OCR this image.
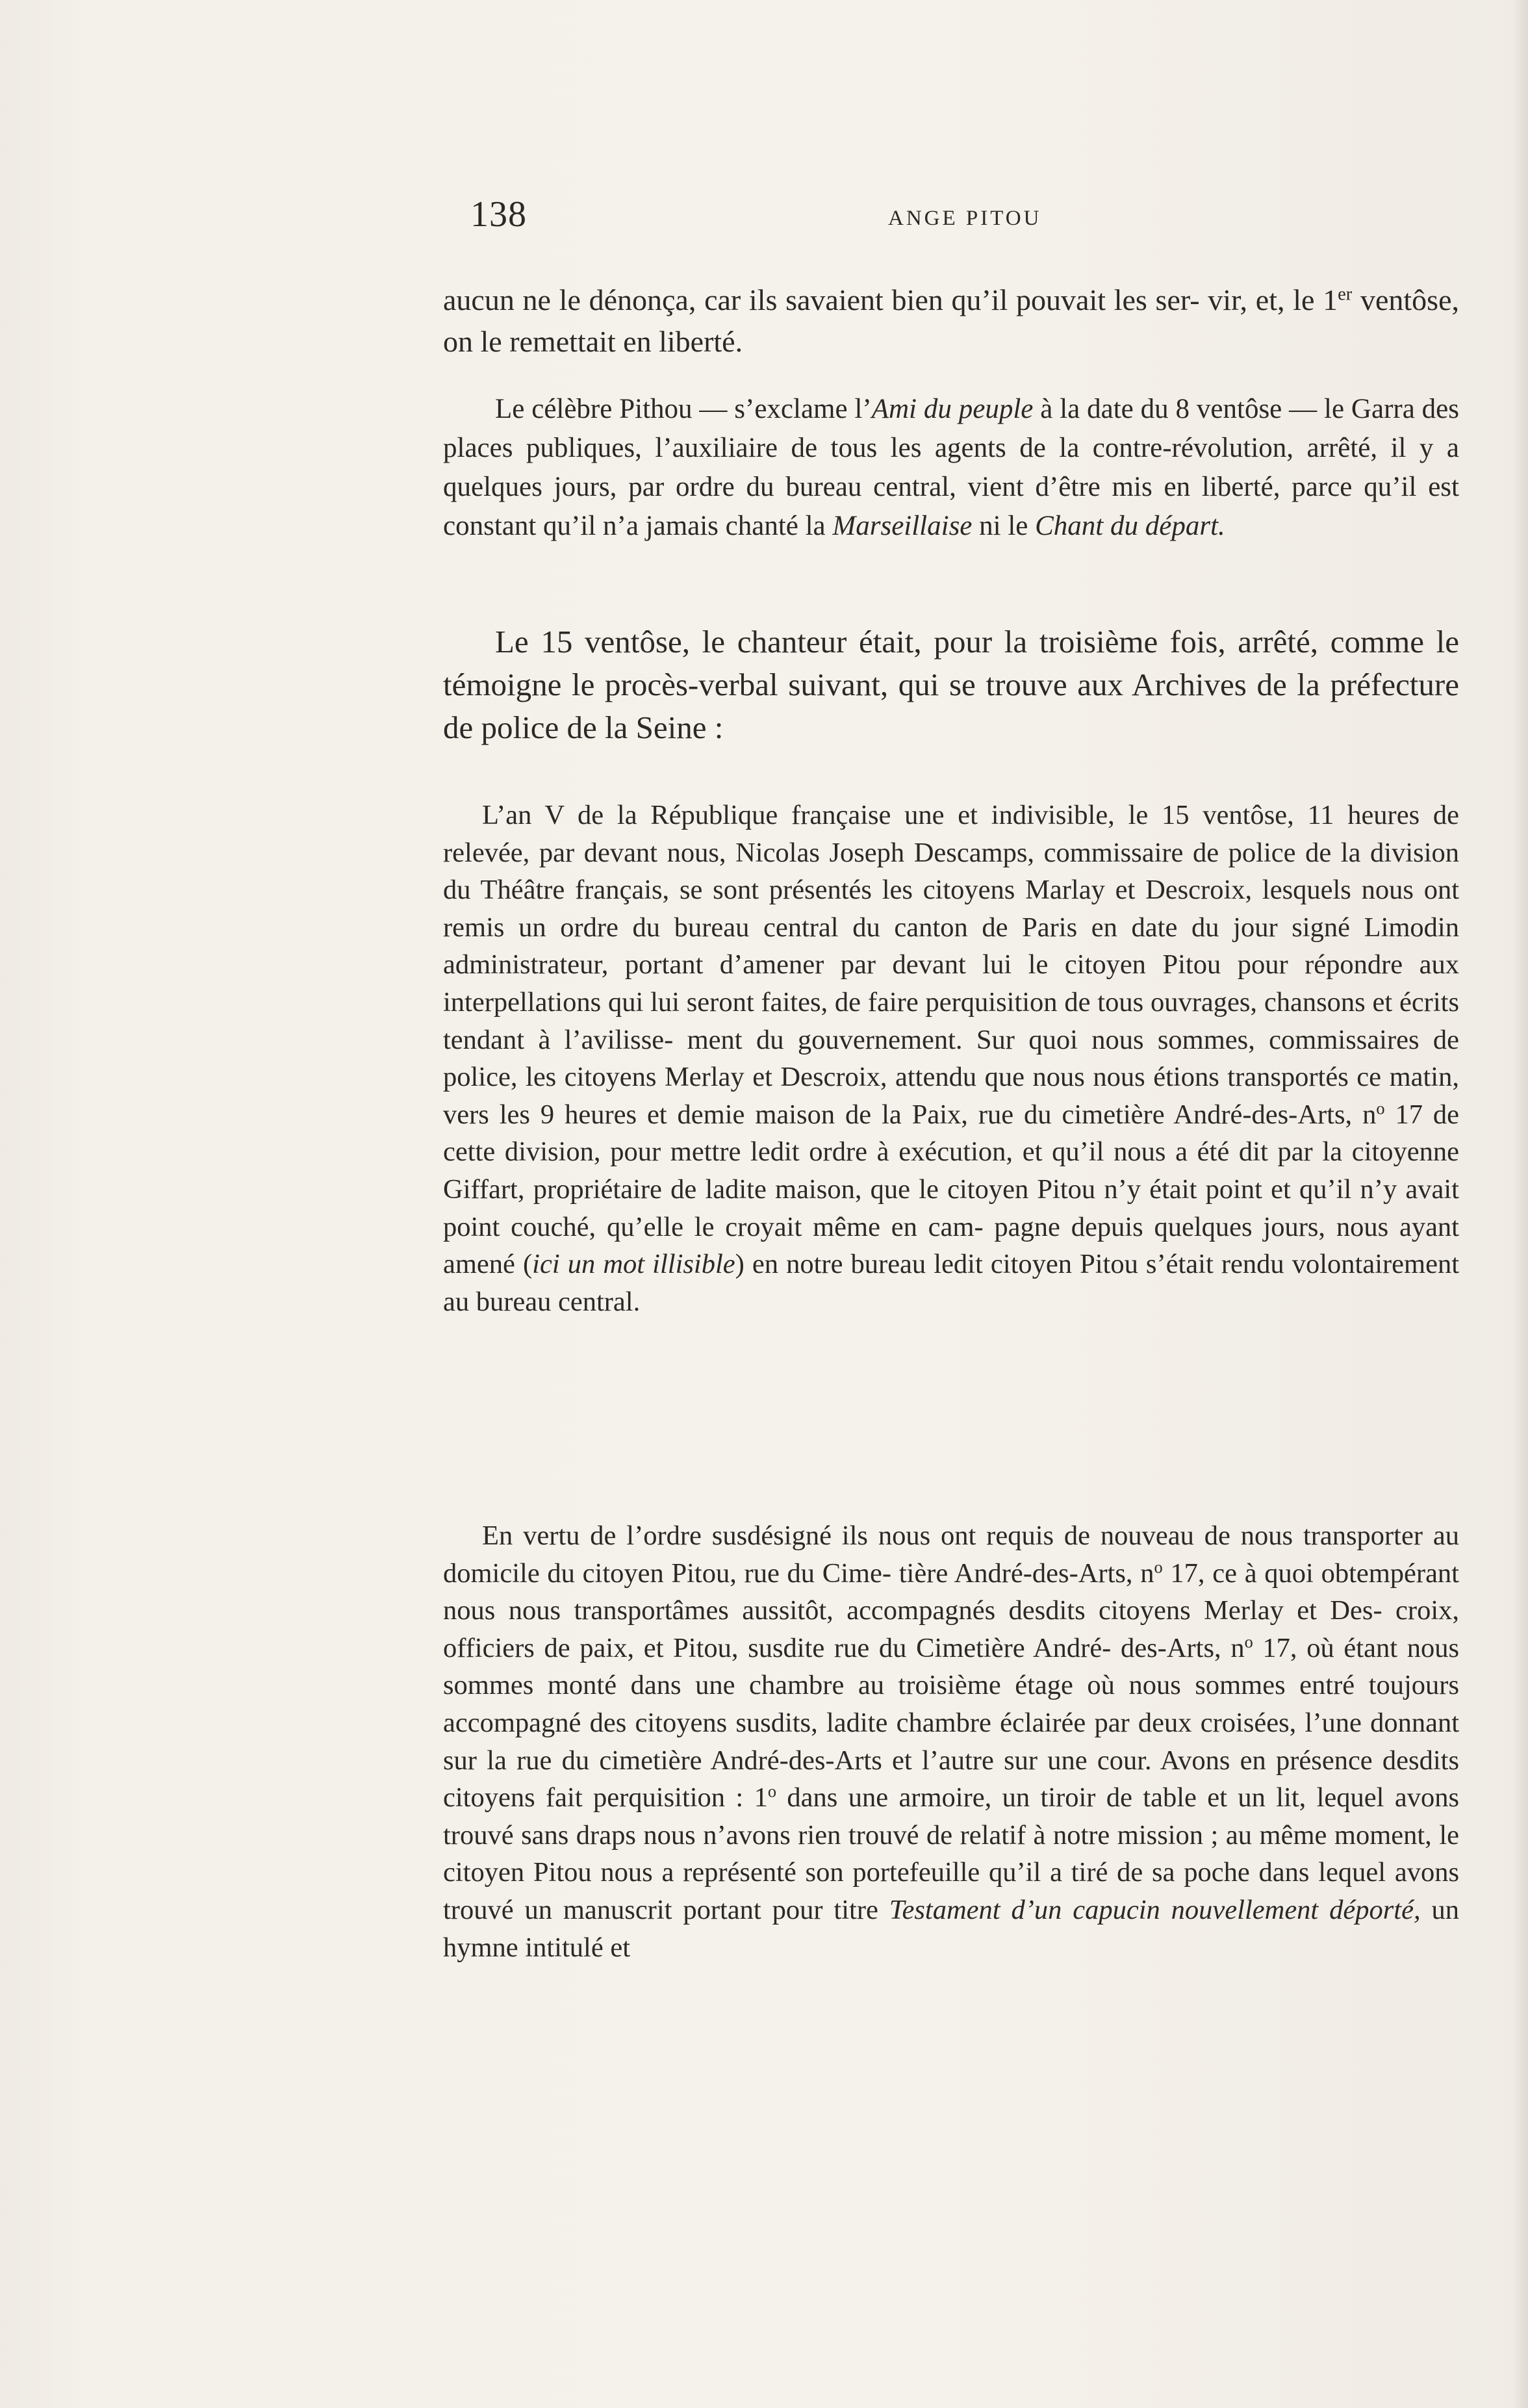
138	ANGE PITOU

aucun ne le dénonça, car ils savaient bien qu’il pouvait les ser- vir, et, le 1er ventôse, on le remettait en liberté.

Le célèbre Pithou — s’exclame l’Ami du peuple à la date du 8 ventôse — le Garra des places publiques, l’auxiliaire de tous les agents de la contre-révolution, arrêté, il y a quelques jours, par ordre du bureau central, vient d’être mis en liberté, parce qu’il est constant qu’il n’a jamais chanté la Marseillaise ni le Chant du départ.

Le 15 ventôse, le chanteur était, pour la troisième fois, arrêté, comme le témoigne le procès-verbal suivant, qui se trouve aux Archives de la préfecture de police de la Seine :

L’an V de la République française une et indivisible, le 15 ventôse, 11 heures de relevée, par devant nous, Nicolas Joseph Descamps, commissaire de police de la division du Théâtre français, se sont présentés les citoyens Marlay et Descroix, lesquels nous ont remis un ordre du bureau central du canton de Paris en date du jour signé Limodin administrateur, portant d’amener par devant lui le citoyen Pitou pour répondre aux interpellations qui lui seront faites, de faire perquisition de tous ouvrages, chansons et écrits tendant à l’avilisse- ment du gouvernement. Sur quoi nous sommes, commissaires de police, les citoyens Merlay et Descroix, attendu que nous nous étions transportés ce matin, vers les 9 heures et demie maison de la Paix, rue du cimetière André-des-Arts, $n^o$ 17 de cette division, pour mettre ledit ordre à exécution, et qu’il nous a été dit par la citoyenne Giffart, propriétaire de ladite maison, que le citoyen Pitou n’y était point et qu’il n’y avait point couché, qu’elle le croyait même en cam- pagne depuis quelques jours, nous ayant amené (ici un mot illisible) en notre bureau ledit citoyen Pitou s’était rendu volontairement au bureau central.

En vertu de l’ordre susdésigné ils nous ont requis de nouveau de nous transporter au domicile du citoyen Pitou, rue du Cime- tière André-des-Arts, $n^o$ 17, ce à quoi obtempérant nous nous transportâmes aussitôt, accompagnés desdits citoyens Merlay et Des- croix, officiers de paix, et Pitou, susdite rue du Cimetière André- des-Arts, $n^o$ 17, où étant nous sommes monté dans une chambre au troisième étage où nous sommes entré toujours accompagné des citoyens susdits, ladite chambre éclairée par deux croisées, l’une donnant sur la rue du cimetière André-des-Arts et l’autre sur une cour. Avons en présence desdits citoyens fait perquisition : 1$^o$ dans une armoire, un tiroir de table et un lit, lequel avons trouvé sans draps nous n’avons rien trouvé de relatif à notre mission ; au même moment, le citoyen Pitou nous a représenté son portefeuille qu’il a tiré de sa poche dans lequel avons trouvé un manuscrit portant pour titre Testament d’un capucin nouvellement déporté, un hymne intitulé et
